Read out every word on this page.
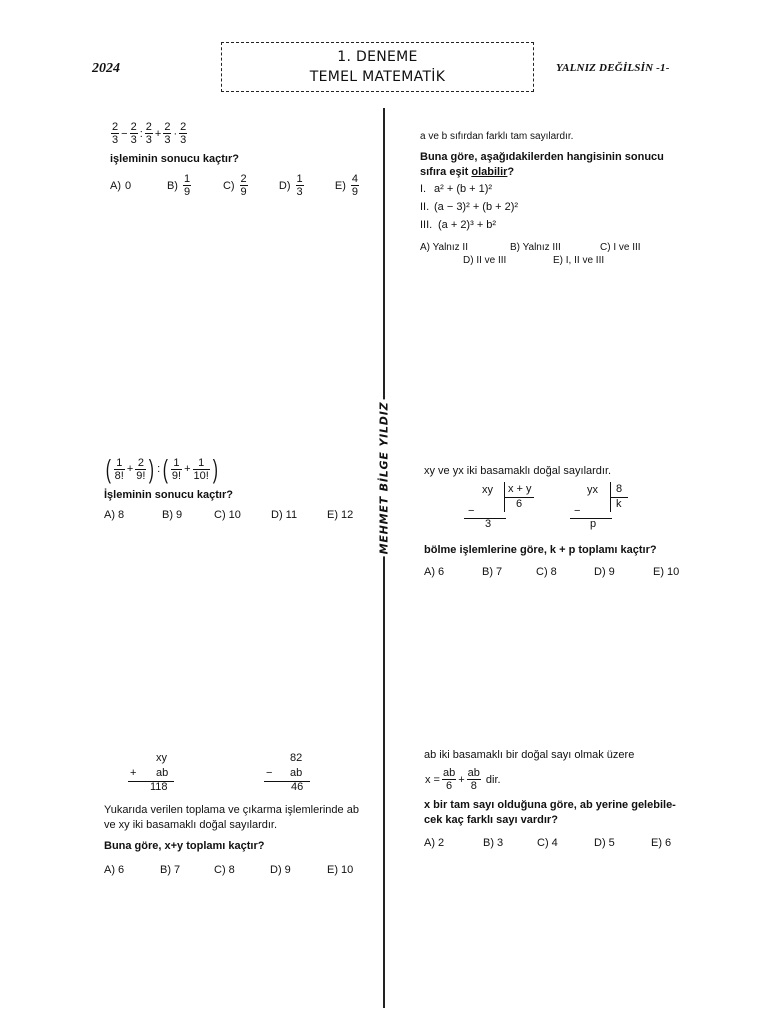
2024
1. DENEME
TEMEL MATEMATİK
YALNIZ DEĞİLSİN -1-
MEHMET BİLGE YILDIZ
$\frac{2}{3} - \frac{2}{3}$ : $\frac{2}{3} + \frac{2}{3} \cdot \frac{2}{3}$
işleminin sonucu kaçtır?
A) 0	$B) \frac{1}{9}$	$C) \frac{2}{9}$	$D) \frac{1}{3}$	$E) \frac{4}{9}$
a ve b sıfırdan farklı tam sayılardır.
Buna göre, aşağıdakilerden hangisinin sonucu
sıfıra eşit olabilir?
I. a² + (b + 1)²
II. (a − 3)² + (b + 2)²
III. (a + 2)³ + b²
A) Yalnız II	B) Yalnız III	C) I ve III
D) II ve III	E) I, II ve III
( $\frac{1}{8!} + \frac{2}{9!}$ ) : ( $\frac{1}{9!} + \frac{1}{10!}$ )
İşleminin sonucu kaçtır?
A) 8	B) 9	C) 10	D) 11	E) 12
xy ve yx iki basamaklı doğal sayılardır.
xy x + y
6
−
3
yx 8
k
−
p
bölme işlemlerine göre, k + p toplamı kaçtır?
A) 6	B) 7	C) 8	D) 9	E) 10
xy
+ ab
118
82
− ab
46
Yukarıda verilen toplama ve çıkarma işlemlerinde ab
ve xy iki basamaklı doğal sayılardır.
Buna göre, x+y toplamı kaçtır?
A) 6	B) 7	C) 8	D) 9	E) 10
ab iki basamaklı bir doğal sayı olmak üzere
$x = \frac{ab}{6} + \frac{ab}{8}$ dir.
x bir tam sayı olduğuna göre, ab yerine gelebile-
cek kaç farklı sayı vardır?
A) 2	B) 3	C) 4	D) 5	E) 6
